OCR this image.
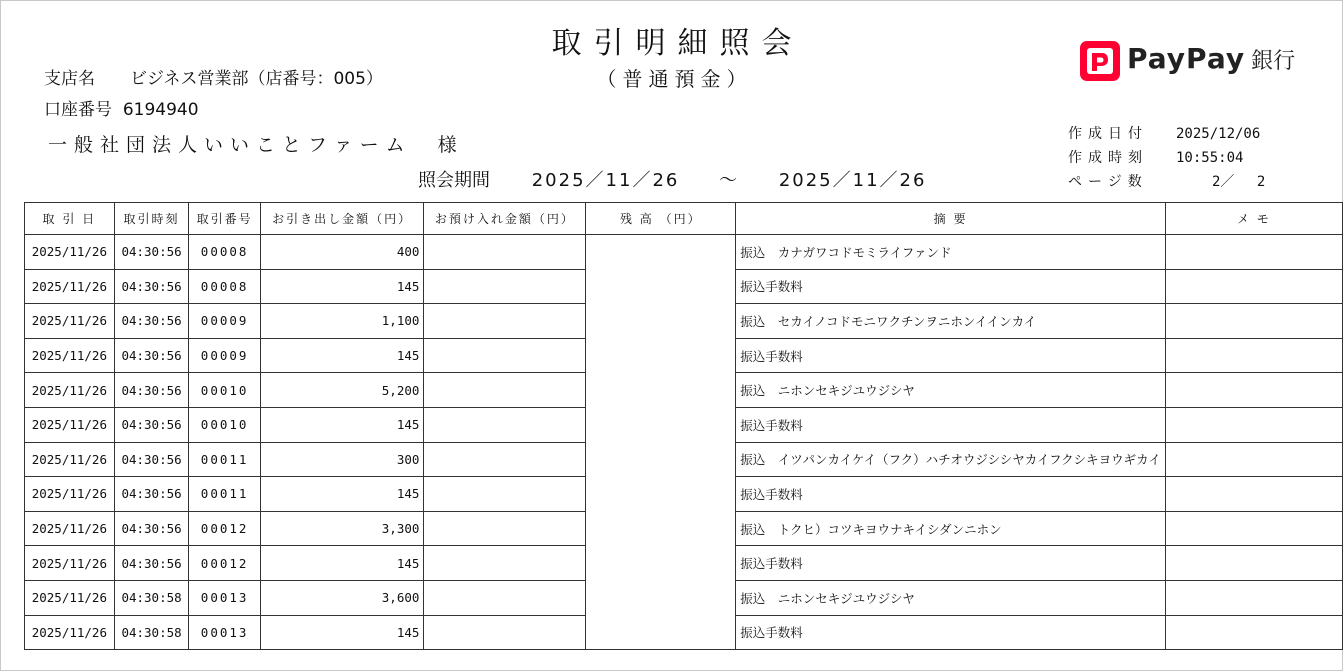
取引明細照会
（普通預金）
支店名 ビジネス営業部（店番号：005）
口座番号 6194940
一般社団法人いいことファーム　様
照会期間 2025／11／26 ～ 2025／11／26
PayPay 銀行
作成日付 2025/12/06
作成時刻 10:55:04
ページ数	2／　 2
取 引 日	取引時刻	取引番号	お引き出し金額（円）	お預け入れ金額（円）	残 高 （円）	摘 要	メ モ
2025/11/26	04:30:56	00008	400			振込　カナガワコドモミライファンド	
2025/11/26	04:30:56	00008	145			振込手数料	
2025/11/26	04:30:56	00009	1,100			振込　セカイノコドモニワクチンヲニホンイインカイ	
2025/11/26	04:30:56	00009	145			振込手数料	
2025/11/26	04:30:56	00010	5,200			振込　ニホンセキジユウジシヤ	
2025/11/26	04:30:56	00010	145			振込手数料	
2025/11/26	04:30:56	00011	300			振込　イツパンカイケイ（フク）ハチオウジシシヤカイフクシキヨウギカイ	
2025/11/26	04:30:56	00011	145			振込手数料	
2025/11/26	04:30:56	00012	3,300			振込　トクヒ）コツキヨウナキイシダンニホン	
2025/11/26	04:30:56	00012	145			振込手数料	
2025/11/26	04:30:58	00013	3,600			振込　ニホンセキジユウジシヤ	
2025/11/26	04:30:58	00013	145			振込手数料	
